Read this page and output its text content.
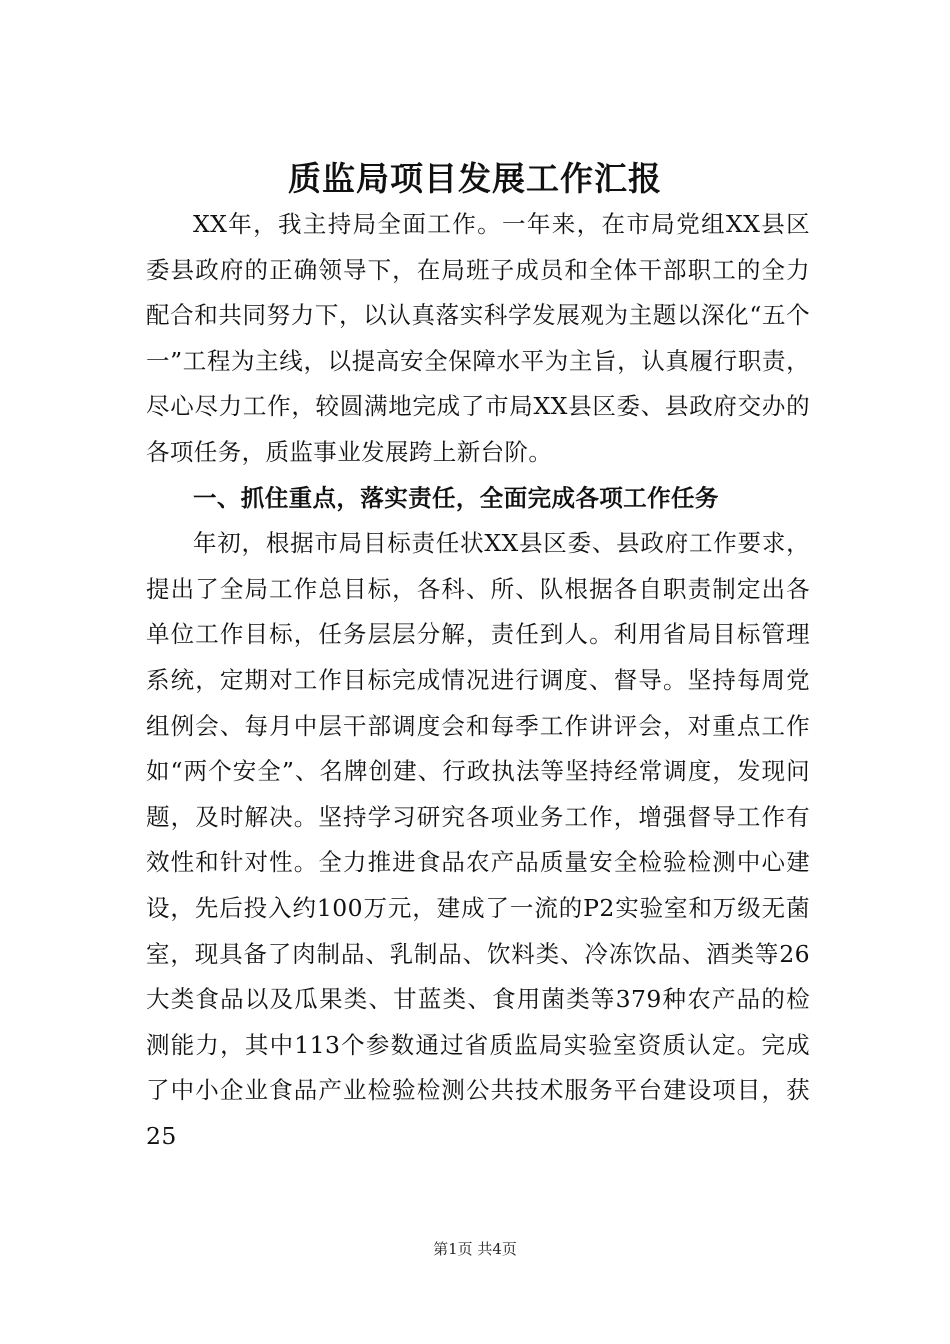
质监局项目发展工作汇报

XX年，我主持局全面工作。一年来，在市局党组XX县区委县政府的正确领导下，在局班子成员和全体干部职工的全力配合和共同努力下，以认真落实科学发展观为主题以深化“五个一”工程为主线，以提高安全保障水平为主旨，认真履行职责，尽心尽力工作，较圆满地完成了市局XX县区委、县政府交办的各项任务，质监事业发展跨上新台阶。

一、抓住重点，落实责任，全面完成各项工作任务

年初，根据市局目标责任状XX县区委、县政府工作要求，提出了全局工作总目标，各科、所、队根据各自职责制定出各单位工作目标，任务层层分解，责任到人。利用省局目标管理系统，定期对工作目标完成情况进行调度、督导。坚持每周党组例会、每月中层干部调度会和每季工作讲评会，对重点工作如“两个安全”、名牌创建、行政执法等坚持经常调度，发现问题，及时解决。坚持学习研究各项业务工作，增强督导工作有效性和针对性。全力推进食品农产品质量安全检验检测中心建设，先后投入约100万元，建成了一流的P2实验室和万级无菌室，现具备了肉制品、乳制品、饮料类、冷冻饮品、酒类等26大类食品以及瓜果类、甘蓝类、食用菌类等379种农产品的检测能力，其中113个参数通过省质监局实验室资质认定。完成了中小企业食品产业检验检测公共技术服务平台建设项目，获25

第1页 共4页
